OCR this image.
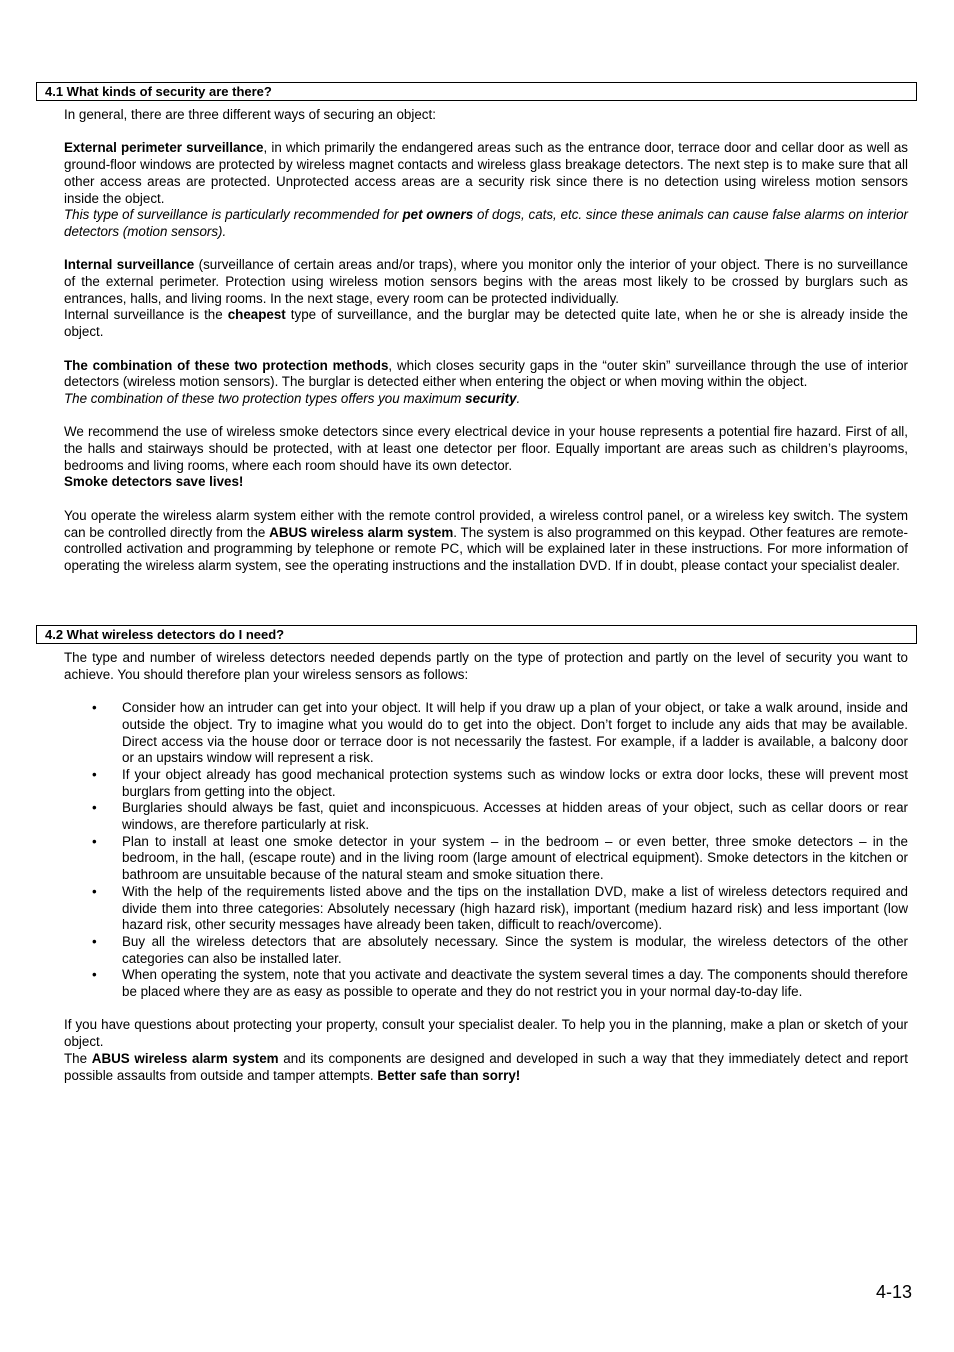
4.1 What kinds of security are there?

In general, there are three different ways of securing an object:

External perimeter surveillance, in which primarily the endangered areas such as the entrance door, terrace door and cellar door as well as ground-floor windows are protected by wireless magnet contacts and wireless glass breakage detectors. The next step is to make sure that all other access areas are protected. Unprotected access areas are a security risk since there is no detection using wireless motion sensors inside the object.

This type of surveillance is particularly recommended for pet owners of dogs, cats, etc. since these animals can cause false alarms on interior detectors (motion sensors).

Internal surveillance (surveillance of certain areas and/or traps), where you monitor only the interior of your object. There is no surveillance of the external perimeter. Protection using wireless motion sensors begins with the areas most likely to be crossed by burglars such as entrances, halls, and living rooms. In the next stage, every room can be protected individually.

Internal surveillance is the cheapest type of surveillance, and the burglar may be detected quite late, when he or she is already inside the object.

The combination of these two protection methods, which closes security gaps in the “outer skin” surveillance through the use of interior detectors (wireless motion sensors). The burglar is detected either when entering the object or when moving within the object.

The combination of these two protection types offers you maximum security.

We recommend the use of wireless smoke detectors since every electrical device in your house represents a potential fire hazard. First of all, the halls and stairways should be protected, with at least one detector per floor. Equally important are areas such as children’s playrooms, bedrooms and living rooms, where each room should have its own detector.

Smoke detectors save lives!

You operate the wireless alarm system either with the remote control provided, a wireless control panel, or a wireless key switch. The system can be controlled directly from the ABUS wireless alarm system. The system is also programmed on this keypad. Other features are remote-controlled activation and programming by telephone or remote PC, which will be explained later in these instructions. For more information of operating the wireless alarm system, see the operating instructions and the installation DVD. If in doubt, please contact your specialist dealer.

4.2 What wireless detectors do I need?

The type and number of wireless detectors needed depends partly on the type of protection and partly on the level of security you want to achieve. You should therefore plan your wireless sensors as follows:

• Consider how an intruder can get into your object. It will help if you draw up a plan of your object, or take a walk around, inside and outside the object. Try to imagine what you would do to get into the object. Don’t forget to include any aids that may be available. Direct access via the house door or terrace door is not necessarily the fastest. For example, if a ladder is available, a balcony door or an upstairs window will represent a risk.
• If your object already has good mechanical protection systems such as window locks or extra door locks, these will prevent most burglars from getting into the object.
• Burglaries should always be fast, quiet and inconspicuous. Accesses at hidden areas of your object, such as cellar doors or rear windows, are therefore particularly at risk.
• Plan to install at least one smoke detector in your system – in the bedroom – or even better, three smoke detectors – in the bedroom, in the hall, (escape route) and in the living room (large amount of electrical equipment). Smoke detectors in the kitchen or bathroom are unsuitable because of the natural steam and smoke situation there.
• With the help of the requirements listed above and the tips on the installation DVD, make a list of wireless detectors required and divide them into three categories: Absolutely necessary (high hazard risk), important (medium hazard risk) and less important (low hazard risk, other security messages have already been taken, difficult to reach/overcome).
• Buy all the wireless detectors that are absolutely necessary. Since the system is modular, the wireless detectors of the other categories can also be installed later.
• When operating the system, note that you activate and deactivate the system several times a day. The components should therefore be placed where they are as easy as possible to operate and they do not restrict you in your normal day-to-day life.

If you have questions about protecting your property, consult your specialist dealer. To help you in the planning, make a plan or sketch of your object.

The ABUS wireless alarm system and its components are designed and developed in such a way that they immediately detect and report possible assaults from outside and tamper attempts. Better safe than sorry!

4-13
